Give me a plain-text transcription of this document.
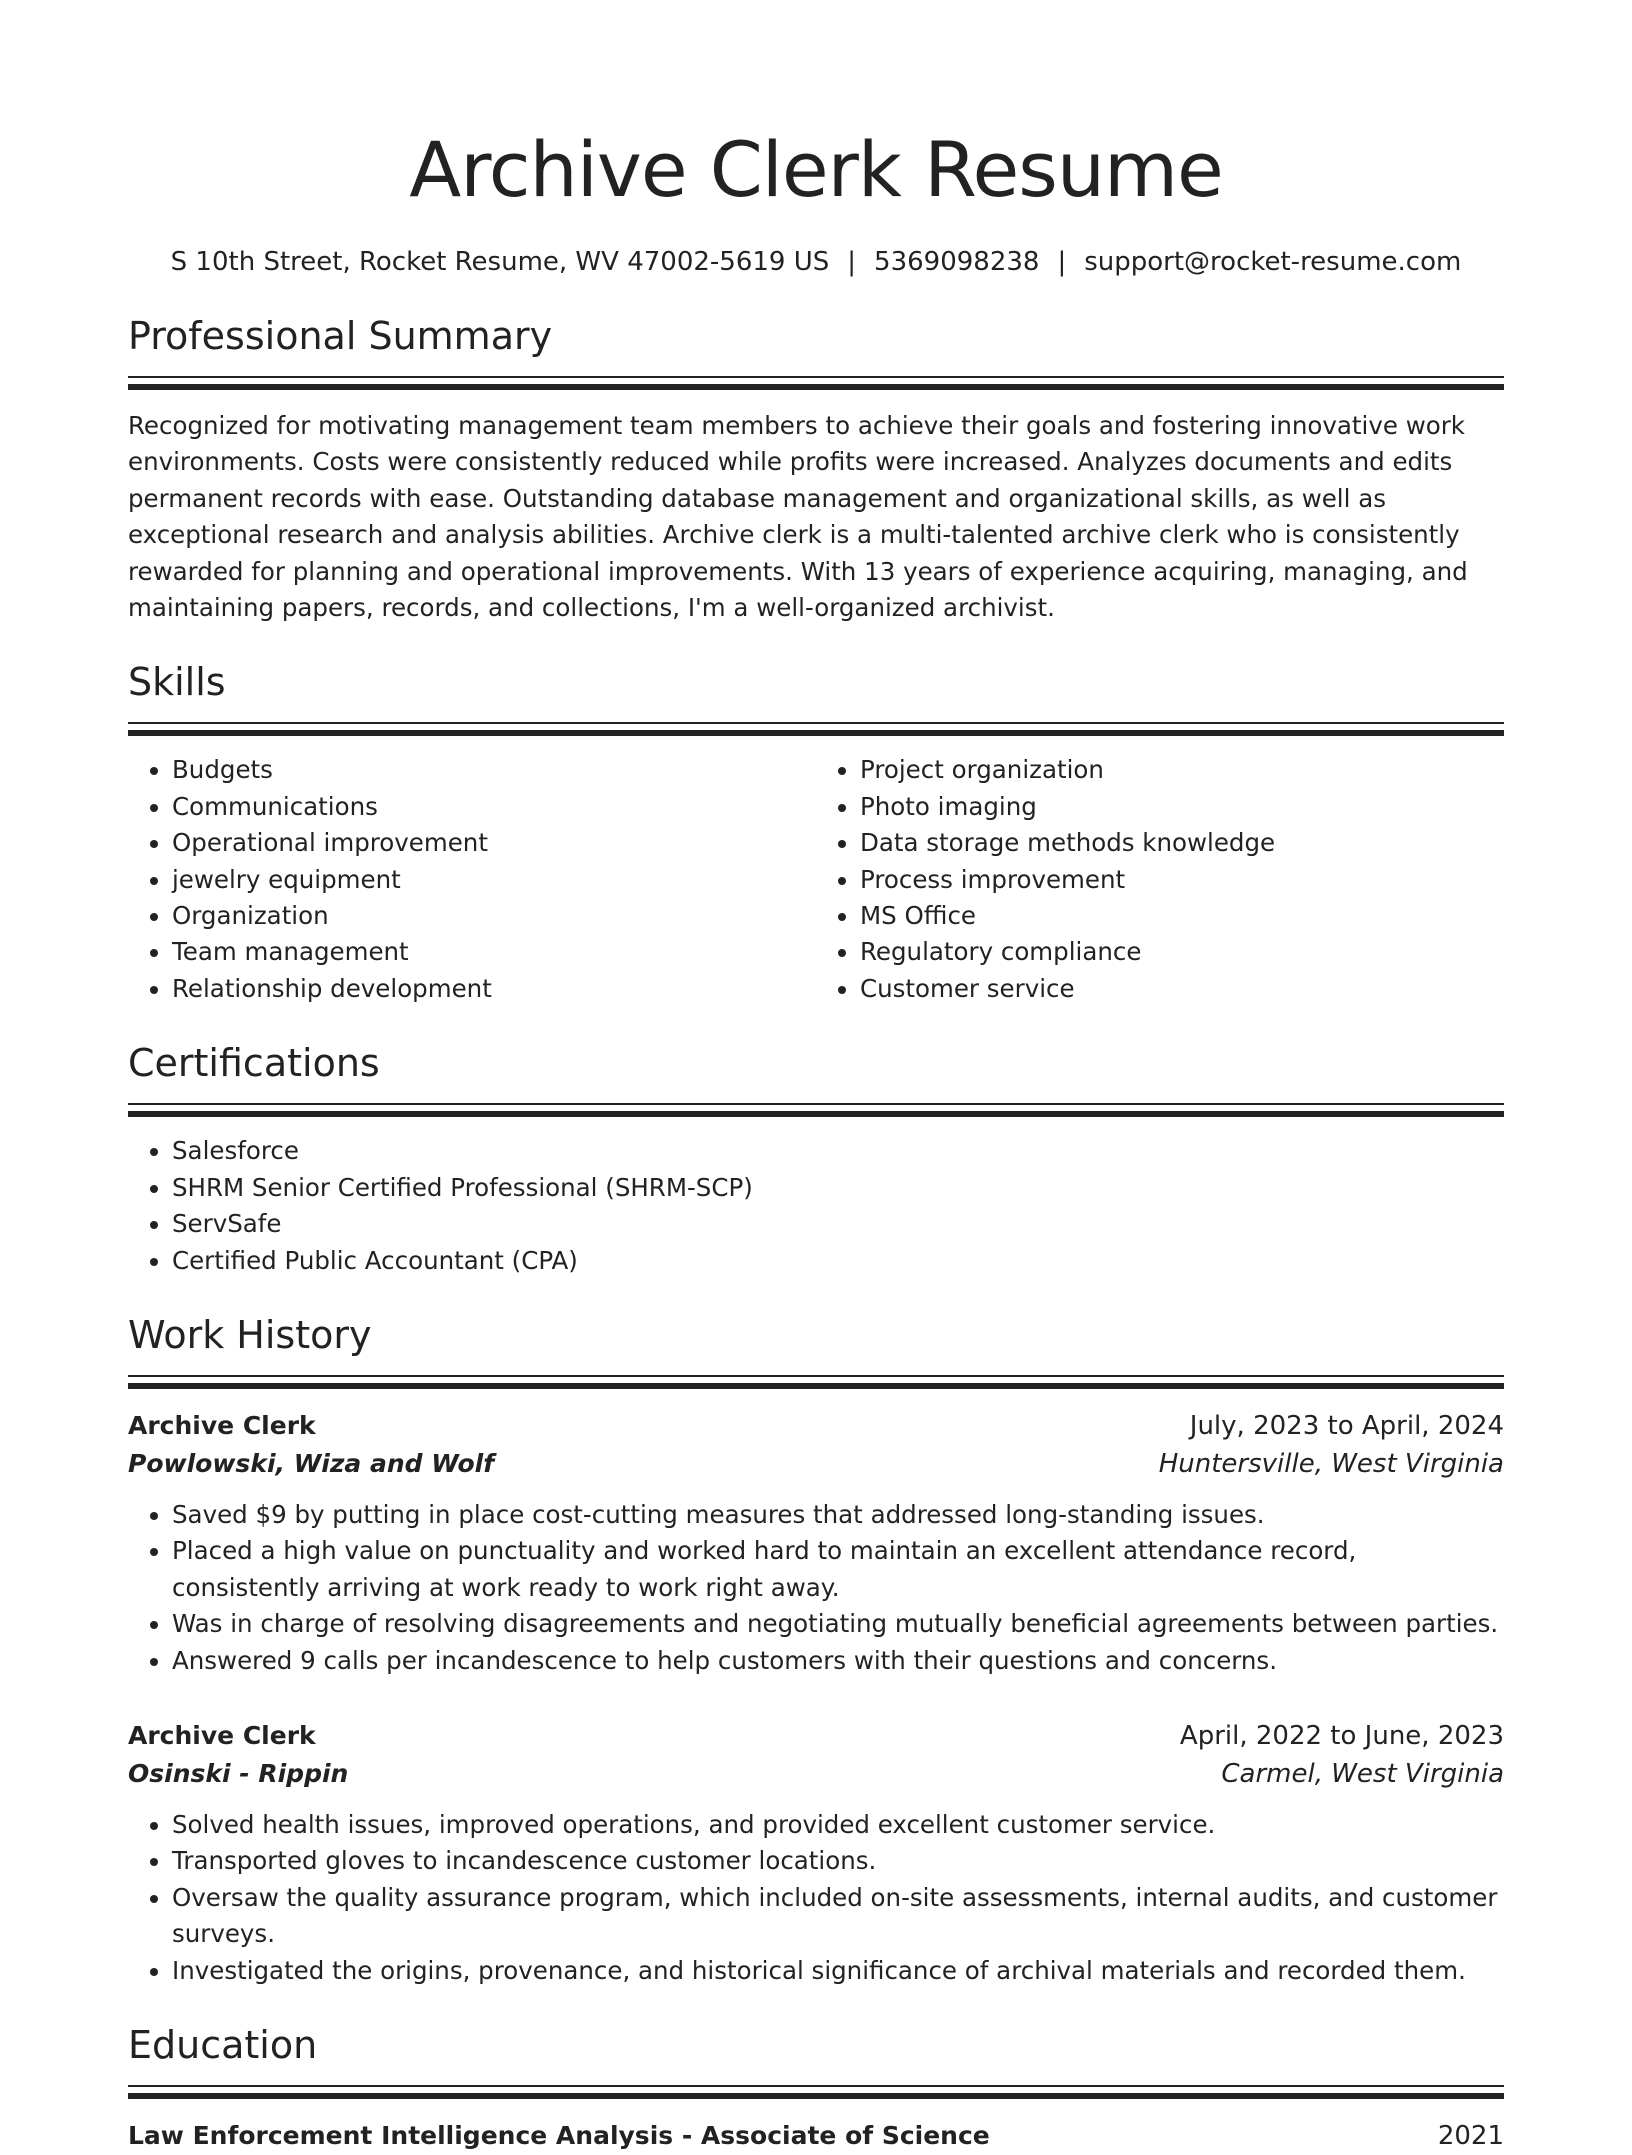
Archive Clerk Resume
S 10th Street, Rocket Resume, WV 47002-5619 US | 5369098238 | support@rocket-resume.com
Professional Summary

Recognized for motivating management team members to achieve their goals and fostering innovative work environments. Costs were consistently reduced while profits were increased. Analyzes documents and edits permanent records with ease. Outstanding database management and organizational skills, as well as exceptional research and analysis abilities. Archive clerk is a multi-talented archive clerk who is consistently rewarded for planning and operational improvements. With 13 years of experience acquiring, managing, and maintaining papers, records, and collections, I'm a well-organized archivist.

Skills
• Budgets
• Communications
• Operational improvement
• jewelry equipment
• Organization
• Team management
• Relationship development
• Project organization
• Photo imaging
• Data storage methods knowledge
• Process improvement
• MS Office
• Regulatory compliance
• Customer service
Certifications
• Salesforce
• SHRM Senior Certified Professional (SHRM-SCP)
• ServSafe
• Certified Public Accountant (CPA)
Work History
Archive Clerk	July, 2023 to April, 2024
Powlowski, Wiza and Wolf	Huntersville, West Virginia
• Saved $9 by putting in place cost-cutting measures that addressed long-standing issues.
• Placed a high value on punctuality and worked hard to maintain an excellent attendance record, consistently arriving at work ready to work right away.
• Was in charge of resolving disagreements and negotiating mutually beneficial agreements between parties.
• Answered 9 calls per incandescence to help customers with their questions and concerns.
Archive Clerk	April, 2022 to June, 2023
Osinski - Rippin	Carmel, West Virginia
• Solved health issues, improved operations, and provided excellent customer service.
• Transported gloves to incandescence customer locations.
• Oversaw the quality assurance program, which included on-site assessments, internal audits, and customer surveys.
• Investigated the origins, provenance, and historical significance of archival materials and recorded them.
Education
Law Enforcement Intelligence Analysis - Associate of Science	2021
